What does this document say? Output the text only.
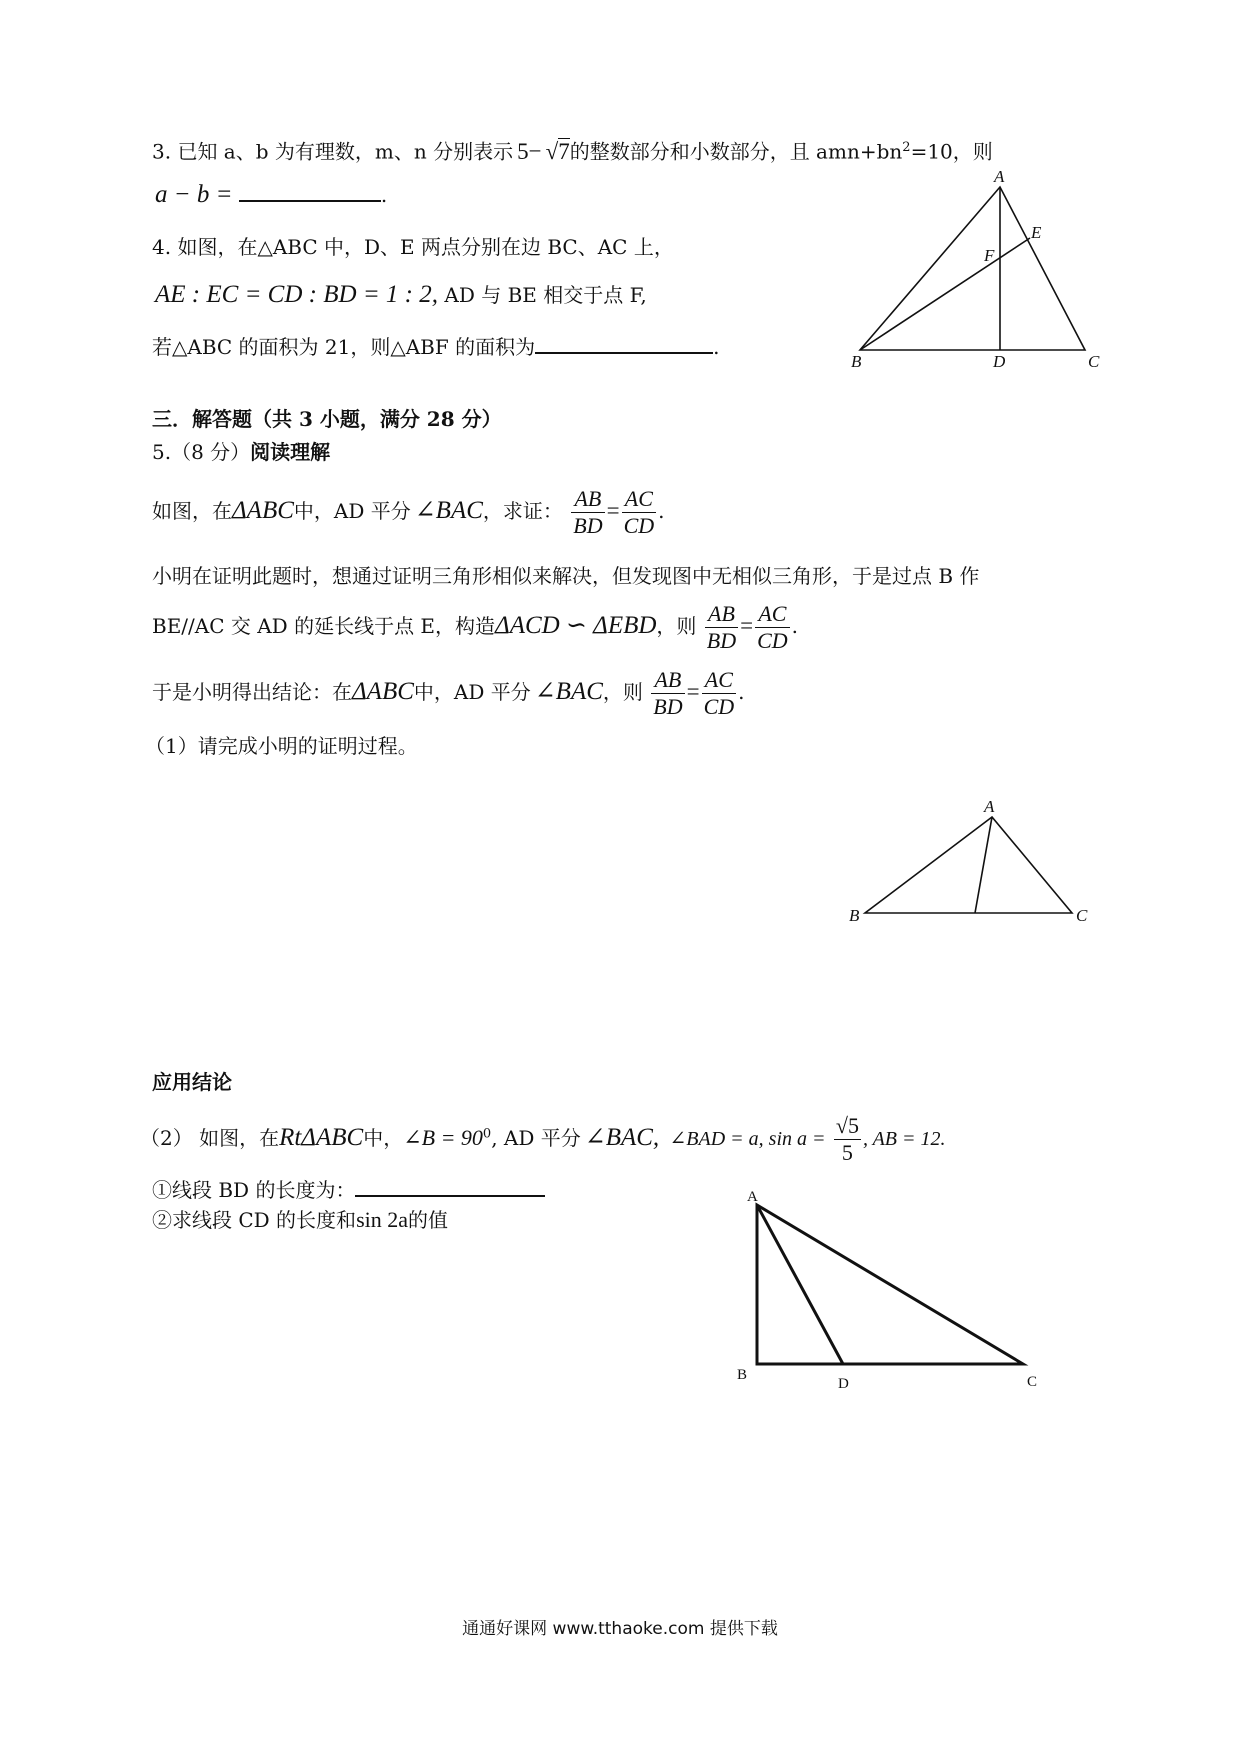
3. 已知 a、b 为有理数，m、n 分别表示 5− √7的整数部分和小数部分，且 $amn+bn^2=10$，则
a − b =	.
4. 如图，在△ABC 中，D、E 两点分别在边 BC、AC 上，
AE : EC = CD : BD = 1 : 2, AD 与 BE 相交于点 F,
若△ABC 的面积为 21，则△ABF 的面积为	.
A
B	C
D
E
F
三．解答题（共 3 小题，满分 28 分）
5.（8 分）阅读理解
如图，在ΔABC中，AD 平分 ∠BAC，求证： $\frac{AB}{BD} = \frac{AC}{CD}$ .
小明在证明此题时，想通过证明三角形相似来解决，但发现图中无相似三角形，于是过点 B 作
BE//AC 交 AD 的延长线于点 E，构造ΔACD ∽ ΔEBD，则 $\frac{AB}{BD} = \frac{AC}{CD}$ .
于是小明得出结论：在ΔABC中，AD 平分 ∠BAC，则 $\frac{AB}{BD} = \frac{AC}{CD}$ .
（1）请完成小明的证明过程。
A
B	C
应用结论
（2） 如图，在RtΔABC中，∠B = $90^0$, AD 平分 ∠BAC, ∠BAD = a, $\sin a = \frac{√5}{5}$ , AB = 12.
①线段 BD 的长度为：
②求线段 CD 的长度和sin 2a的值
A
B
D	C
通通好课网 www.tthaoke.com 提供下载
